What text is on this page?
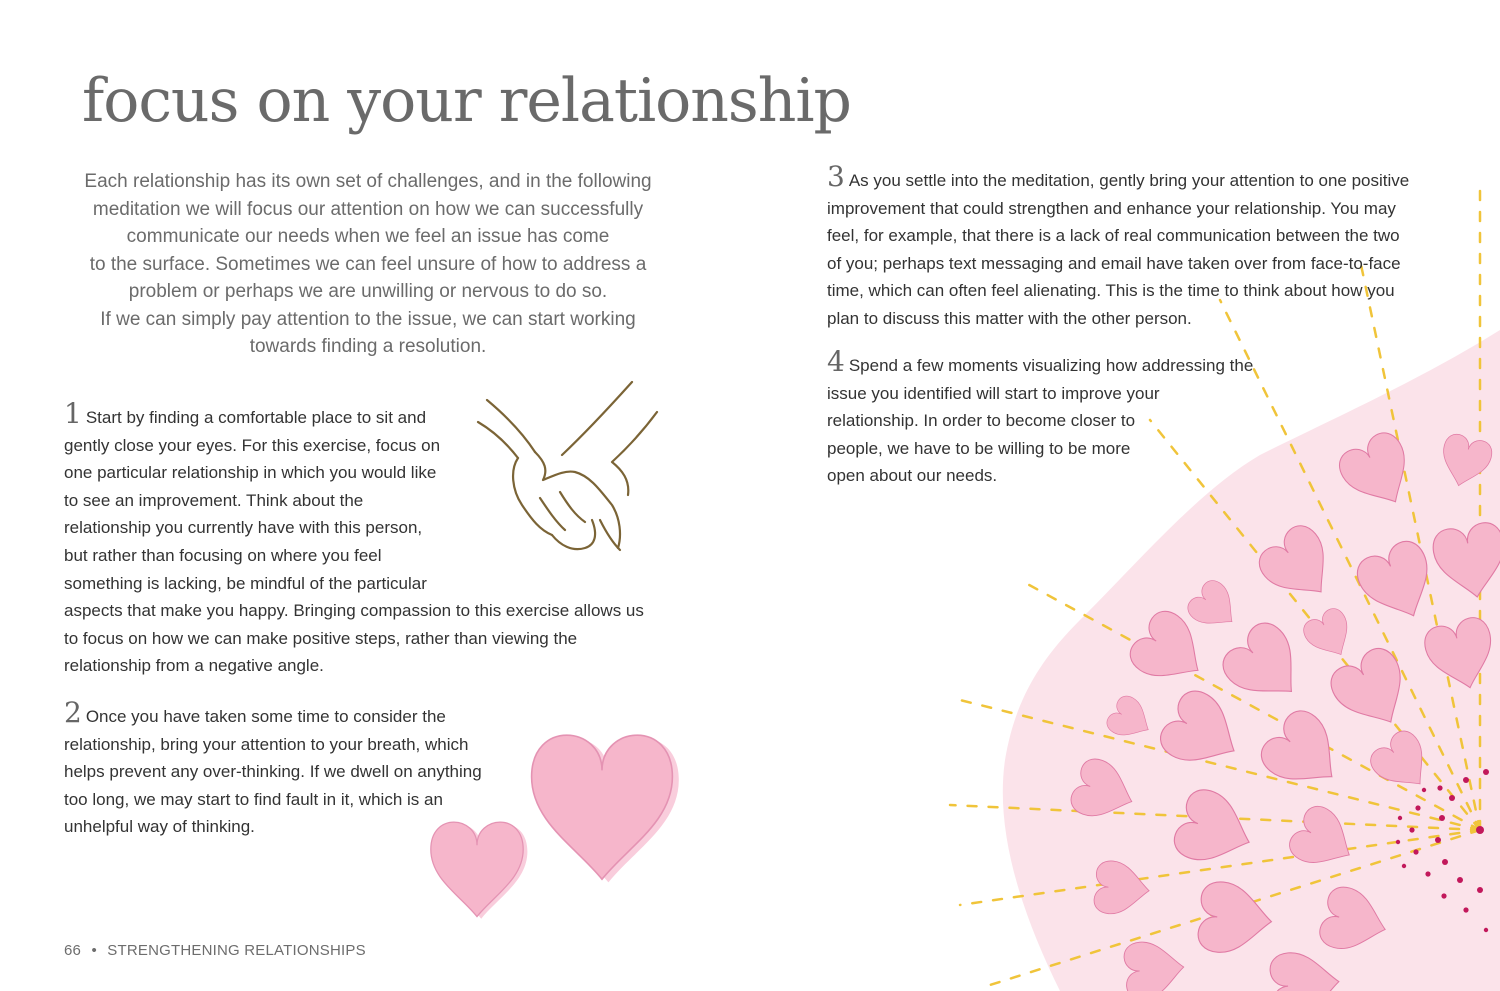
focus on your relationship

Each relationship has its own set of challenges, and in the following
meditation we will focus our attention on how we can successfully
communicate our needs when we feel an issue has come
to the surface. Sometimes we can feel unsure of how to address a
problem or perhaps we are unwilling or nervous to do so.
If we can simply pay attention to the issue, we can start working
towards finding a resolution.

1 Start by finding a comfortable place to sit and
gently close your eyes. For this exercise, focus on
one particular relationship in which you would like
to see an improvement. Think about the
relationship you currently have with this person,
but rather than focusing on where you feel
something is lacking, be mindful of the particular
aspects that make you happy. Bringing compassion to this exercise allows us
to focus on how we can make positive steps, rather than viewing the
relationship from a negative angle.
2 Once you have taken some time to consider the
relationship, bring your attention to your breath, which
helps prevent any over-thinking. If we dwell on anything
too long, we may start to find fault in it, which is an
unhelpful way of thinking.
3 As you settle into the meditation, gently bring your attention to one positive
improvement that could strengthen and enhance your relationship. You may
feel, for example, that there is a lack of real communication between the two
of you; perhaps text messaging and email have taken over from face-to-face
time, which can often feel alienating. This is the time to think about how you
plan to discuss this matter with the other person.
4 Spend a few moments visualizing how addressing the
issue you identified will start to improve your
relationship. In order to become closer to
people, we have to be willing to be more
open about our needs.
66 • STRENGTHENING RELATIONSHIPS
